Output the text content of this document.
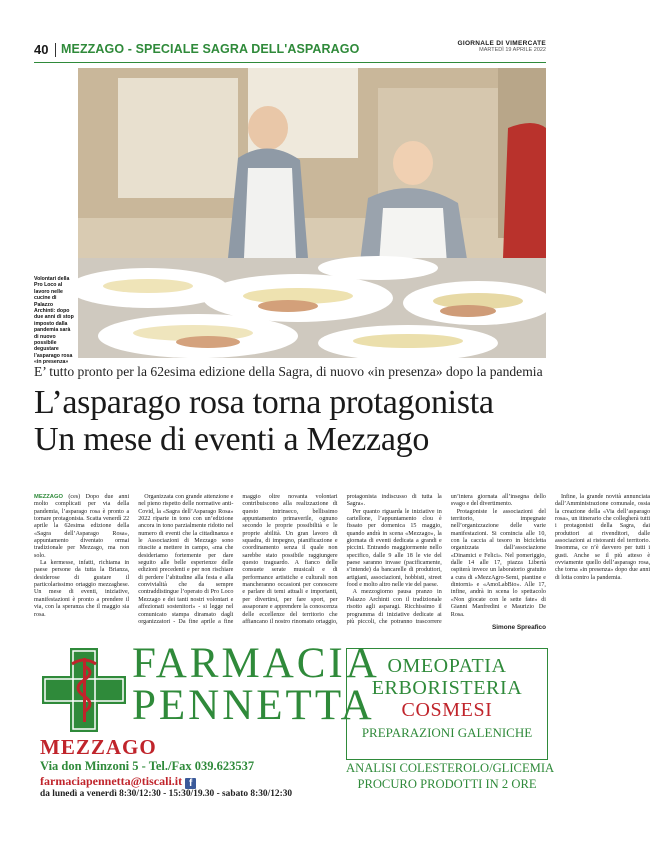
40 MEZZAGO - SPECIALE SAGRA DELL'ASPARAGO	GIORNALE DI VIMERCATE
MARTEDÌ 19 APRILE 2022
Volontari della Pro Loco al lavoro nelle cucine di Palazzo Archinti: dopo due anni di stop imposto dalla pandemia sarà di nuovo possibile degustare l’asparago rosa «in presenza»
E’ tutto pronto per la 62esima edizione della Sagra, di nuovo «in presenza» dopo la pandemia
L’asparago rosa torna protagonista
Un mese di eventi a Mezzago

MEZZAGO (ces) Dopo due anni molto complicati per via della pandemia, l’asparago rosa è pronto a tornare protagonista. Scatta venerdì 22 aprile la 62esima edizione della «Sagra dell’Asparago Rosa», appuntamento diventato ormai tradizionale per Mezzago, ma non solo.

La kermesse, infatti, richiama in paese persone da tutta la Brianza, desiderose di gustare il particolarissimo ortaggio mezzaghese. Un mese di eventi, iniziative, manifestazioni è pronto a prendere il via, con la speranza che il maggio sia rosa.

Organizzata con grande attenzione e nel pieno rispetto delle normative anti-Covid, la «Sagra dell’Asparago Rosa» 2022 riparte in tono con un’edizione ancora in tono parzialmente ridotto nel numero di eventi che la cittadinanza e le Associazioni di Mezzago sono riuscite a mettere in campo, «ma che desideriamo fortemente per dare seguito alle belle esperienze delle edizioni precedenti e per non rischiare di perdere l’abitudine alla festa e alla convivialità che da sempre contraddistingue l’operato di Pro Loco Mezzago e dei tanti nostri volontari e affezionati sostenitori» - si legge nel comunicato stampa diramato dagli organizzatori - Da fine aprile a fine maggio oltre novanta volontari contribuiscono alla realizzazione di questo intrinseco, bellissimo appuntamento primaverile, ognuno secondo le proprie possibilità e le proprie abilità. Un gran lavoro di squadra, di impegno, pianificazione e coordinamento senza il quale non sarebbe stato possibile raggiungere questo traguardo. A fianco delle consuete serate musicali e di performance artistiche e culturali non mancheranno occasioni per conoscere e parlare di temi attuali e importanti, per divertirsi, per fare sport, per assaporare e apprendere la conoscenza delle eccellenze del territorio che affiancano il nostro rinomato ortaggio, protagonista indiscusso di tutta la Sagra».

Per quanto riguarda le iniziative in cartellone, l’appuntamento clou è fissato per domenica 15 maggio, quando andrà in scena «Mezzago», la giornata di eventi dedicata a grandi e piccini. Entrando maggiormente nello specifico, dalle 9 alle 18 le vie del paese saranno invase (pacificamente, s’intende) da bancarelle di produttori, artigiani, associazioni, hobbisti, street food e molto altro nelle vie del paese.

A mezzogiorno pausa pranzo in Palazzo Archinti con il tradizionale risotto agli asparagi. Ricchissimo il programma di iniziative dedicate ai più piccoli, che potranno trascorrere un’intera giornata all’insegna dello svago e del divertimento.

Protagoniste le associazioni del territorio, impegnate nell’organizzazione delle varie manifestazioni. Si comincia alle 10, con la caccia al tesoro in bicicletta organizzata dall’associazione «Dinamici e Felici». Nel pomeriggio, dalle 14 alle 17, piazza Libertà ospiterà invece un laboratorio gratuito a cura di «MezzAgro-Semi, piantine e dintorni» e «AmoLabBio». Alle 17, infine, andrà in scena lo spettacolo «Non giocate con le sette fate» di Gianni Manfredini e Maurizio De Rosa.

Infine, la grande novità annunciata dall’Amministrazione comunale, ossia la creazione della «Via dell’asparago rosa», un itinerario che collegherà tutti i protagonisti della Sagra, dai produttori ai rivenditori, dalle associazioni ai ristoranti del territorio. Insomma, ce n’è davvero per tutti i gusti. Anche se il più atteso è ovviamente quello dell’asparago rosa, che torna «in presenza» dopo due anni di lotta contro la pandemia.

Simone Spreafico
FARMACIA
PENNETTA
MEZZAGO
Via don Minzoni 5 - Tel./Fax 039.623537
farmaciapennetta@tiscali.it f
da lunedì a venerdì 8:30/12:30 - 15:30/19.30 - sabato 8:30/12:30
OMEOPATIA
ERBORISTERIA
COSMESI
PREPARAZIONI GALENICHE
ANALISI COLESTEROLO/GLICEMIA
PROCURO PRODOTTI IN 2 ORE
